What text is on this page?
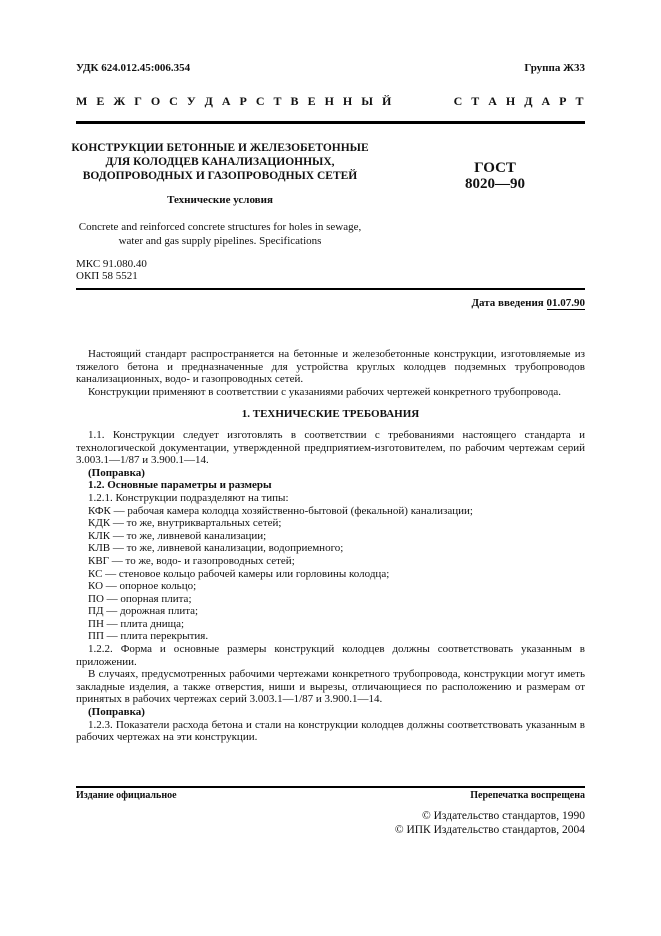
УДК 624.012.45:006.354	Группа Ж33
М Е Ж Г О С У Д А Р С Т В Е Н Н Ы Й	С Т А Н Д А Р Т
КОНСТРУКЦИИ БЕТОННЫЕ И ЖЕЛЕЗОБЕТОННЫЕ
ДЛЯ КОЛОДЦЕВ КАНАЛИЗАЦИОННЫХ,
ВОДОПРОВОДНЫХ И ГАЗОПРОВОДНЫХ СЕТЕЙ
Технические условия
Concrete and reinforced concrete structures for holes in sewage,
water and gas supply pipelines. Specifications
ГОСТ
8020—90
МКС 91.080.40
ОКП 58 5521
Дата введения 01.07.90

Настоящий стандарт распространяется на бетонные и железобетонные конструкции, изготовляемые из тяжелого бетона и предназначенные для устройства круглых колодцев подземных трубопроводов канализационных, водо- и газопроводных сетей.

Конструкции применяют в соответствии с указаниями рабочих чертежей конкретного трубопровода.

1. ТЕХНИЧЕСКИЕ ТРЕБОВАНИЯ

1.1. Конструкции следует изготовлять в соответствии с требованиями настоящего стандарта и технологической документации, утвержденной предприятием-изготовителем, по рабочим чертежам серий 3.003.1—1/87 и 3.900.1—14.

(Поправка)

1.2. Основные параметры и размеры

1.2.1. Конструкции подразделяют на типы:

КФК — рабочая камера колодца хозяйственно-бытовой (фекальной) канализации;

КДК — то же, внутриквартальных сетей;

КЛК — то же, ливневой канализации;

КЛВ — то же, ливневой канализации, водоприемного;

КВГ — то же, водо- и газопроводных сетей;

КС — стеновое кольцо рабочей камеры или горловины колодца;

КО — опорное кольцо;

ПО — опорная плита;

ПД — дорожная плита;

ПН — плита днища;

ПП — плита перекрытия.

1.2.2. Форма и основные размеры конструкций колодцев должны соответствовать указанным в приложении.

В случаях, предусмотренных рабочими чертежами конкретного трубопровода, конструкции могут иметь закладные изделия, а также отверстия, ниши и вырезы, отличающиеся по расположению и размерам от принятых в рабочих чертежах серий 3.003.1—1/87 и 3.900.1—14.

(Поправка)

1.2.3. Показатели расхода бетона и стали на конструкции колодцев должны соответствовать указанным в рабочих чертежах на эти конструкции.

Издание официальное	Перепечатка воспрещена
© Издательство стандартов, 1990
© ИПК Издательство стандартов, 2004
